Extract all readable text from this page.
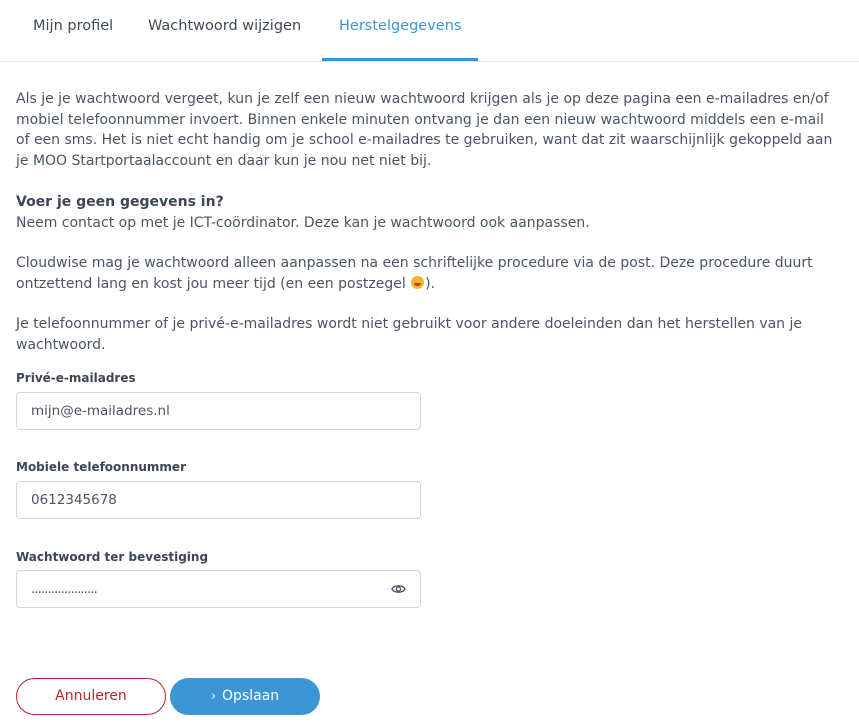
Mijn profiel Wachtwoord wijzigen	Herstelgegevens

Als je je wachtwoord vergeet, kun je zelf een nieuw wachtwoord krijgen als je op deze pagina een e-mailadres en/of

mobiel telefoonnummer invoert. Binnen enkele minuten ontvang je dan een nieuw wachtwoord middels een e-mail

of een sms. Het is niet echt handig om je school e-mailadres te gebruiken, want dat zit waarschijnlijk gekoppeld aan

je MOO Startportaalaccount en daar kun je nou net niet bij.

Voer je geen gegevens in?

Neem contact op met je ICT-coördinator. Deze kan je wachtwoord ook aanpassen.

Cloudwise mag je wachtwoord alleen aanpassen na een schriftelijke procedure via de post. Deze procedure duurt

ontzettend lang en kost jou meer tijd (en een postzegel ).

Je telefoonnummer of je privé-e-mailadres wordt niet gebruikt voor andere doeleinden dan het herstellen van je

wachtwoord.

Privé-e-mailadres
mijn@e-mailadres.nl
Mobiele telefoonnummer
0612345678
Wachtwoord ter bevestiging
....................
Annuleren	› Opslaan
